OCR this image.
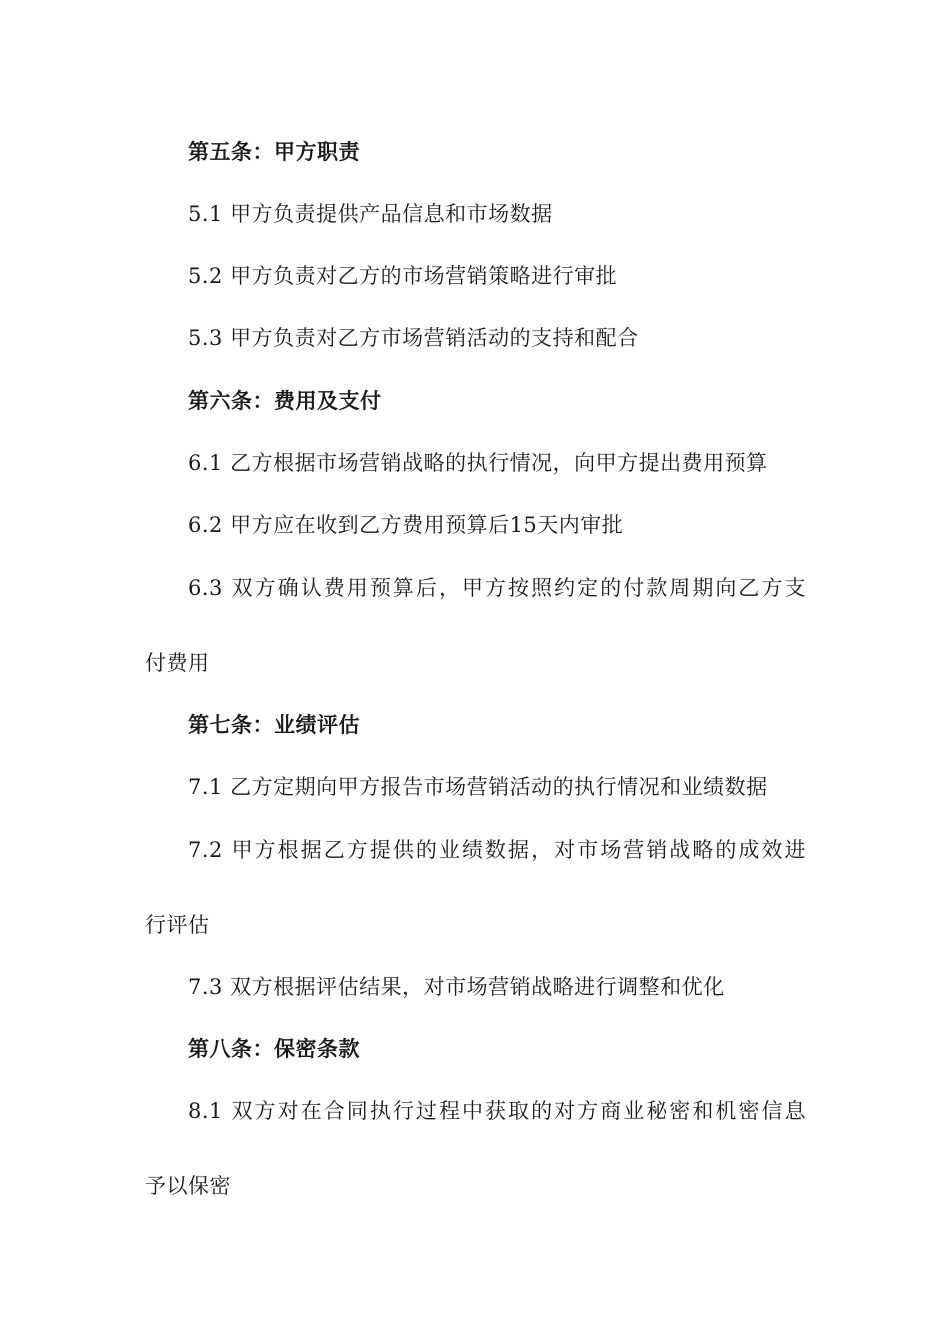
第五条：甲方职责
5.1 甲方负责提供产品信息和市场数据
5.2 甲方负责对乙方的市场营销策略进行审批
5.3 甲方负责对乙方市场营销活动的支持和配合
第六条：费用及支付
6.1 乙方根据市场营销战略的执行情况，向甲方提出费用预算
6.2 甲方应在收到乙方费用预算后15天内审批
6.3 双方确认费用预算后，甲方按照约定的付款周期向乙方支
付费用
第七条：业绩评估
7.1 乙方定期向甲方报告市场营销活动的执行情况和业绩数据
7.2 甲方根据乙方提供的业绩数据，对市场营销战略的成效进
行评估
7.3 双方根据评估结果，对市场营销战略进行调整和优化
第八条：保密条款
8.1 双方对在合同执行过程中获取的对方商业秘密和机密信息
予以保密
